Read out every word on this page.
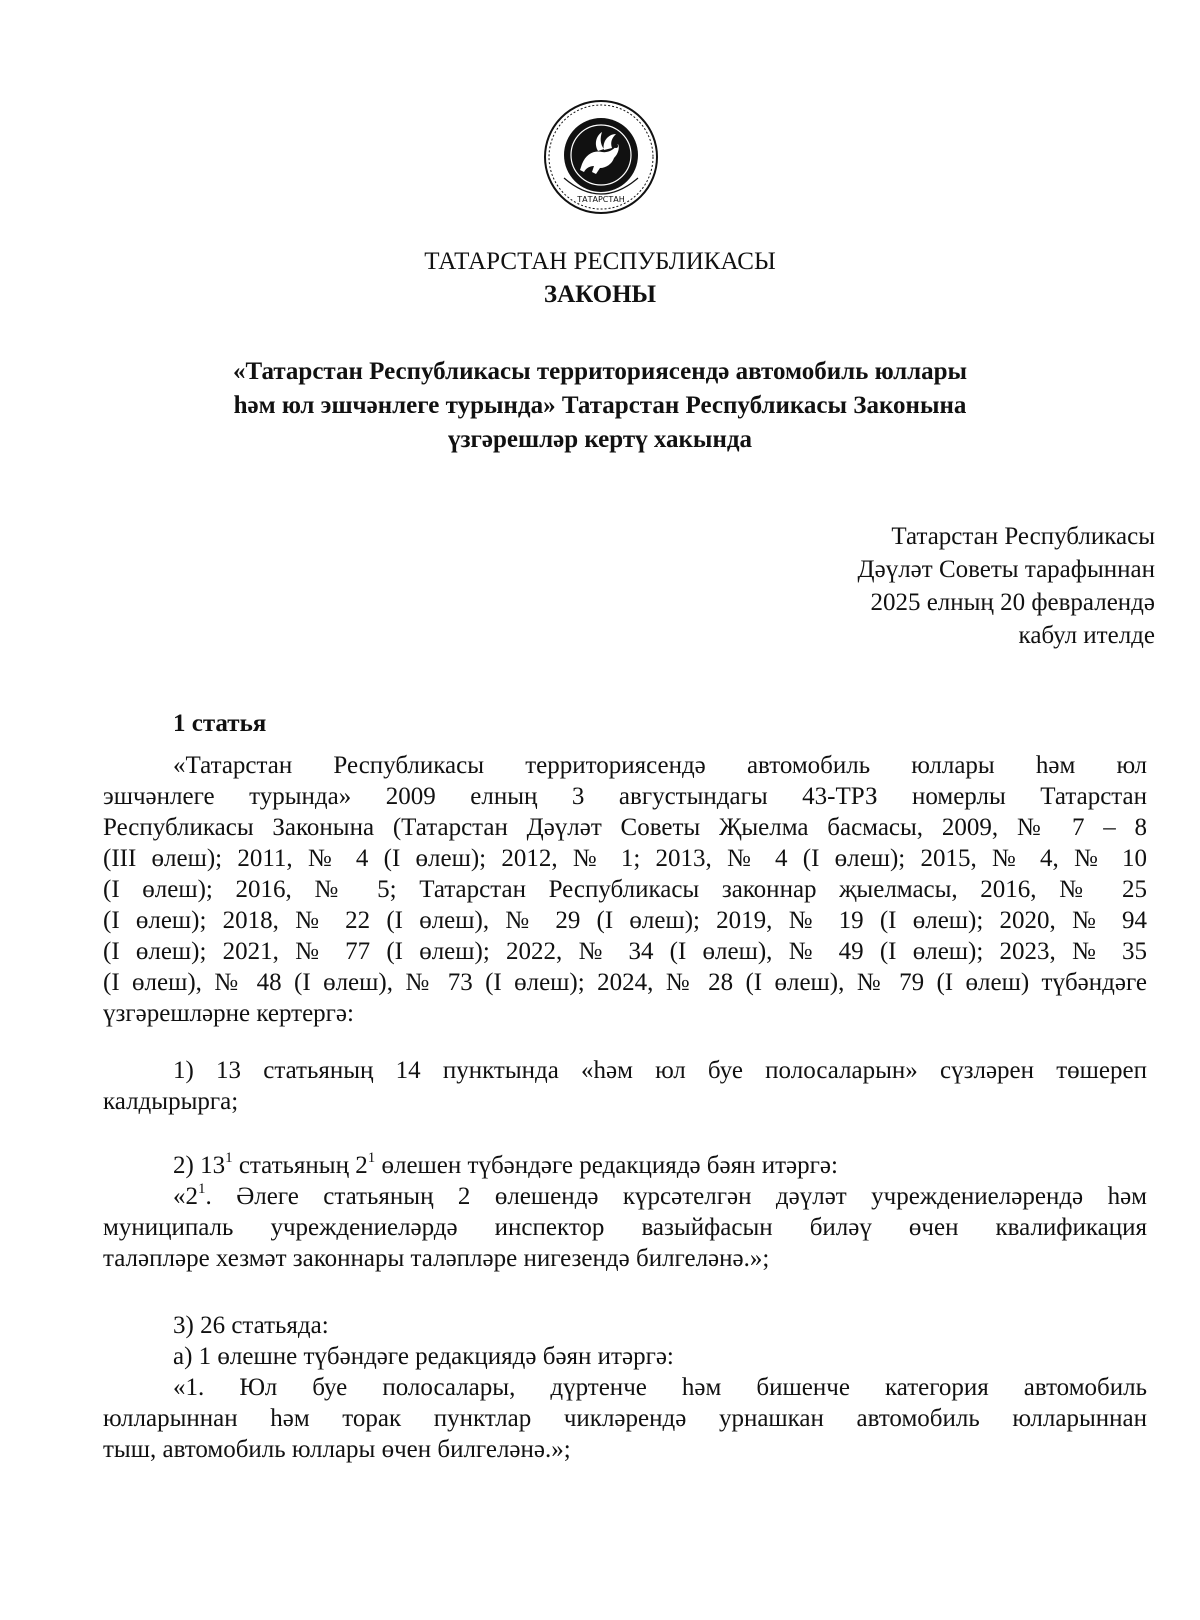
ТАТАРСТАН
ТАТАРСТАН РЕСПУБЛИКАСЫ
ЗАКОНЫ
«Татарстан Республикасы территориясендә автомобиль юллары
һәм юл эшчәнлеге турында» Татарстан Республикасы Законына
үзгәрешләр кертү хакында
Татарстан Республикасы
Дәүләт Советы тарафыннан
2025 елның 20 февралендә
кабул ителде
1 статья
«Татарстан Республикасы территориясендә автомобиль юллары һәм юл
эшчәнлеге турында» 2009 елның 3 августындагы 43-ТРЗ номерлы Татарстан
Республикасы Законына (Татарстан Дәүләт Советы Җыелма басмасы, 2009, № 7 – 8
(III өлеш); 2011, № 4 (I өлеш); 2012, № 1; 2013, № 4 (I өлеш); 2015, № 4, № 10
(I өлеш); 2016, № 5; Татарстан Республикасы законнар җыелмасы, 2016, № 25
(I өлеш); 2018, № 22 (I өлеш), № 29 (I өлеш); 2019, № 19 (I өлеш); 2020, № 94
(I өлеш); 2021, № 77 (I өлеш); 2022, № 34 (I өлеш), № 49 (I өлеш); 2023, № 35
(I өлеш), № 48 (I өлеш), № 73 (I өлеш); 2024, № 28 (I өлеш), № 79 (I өлеш) түбәндәге
үзгәрешләрне кертергә:
1) 13 статьяның 14 пунктында «һәм юл буе полосаларын» сүзләрен төшереп
калдырырга;
2) $13^1$ статьяның $2^1$ өлешен түбәндәге редакциядә бәян итәргә:
«$2^1$. Әлеге статьяның 2 өлешендә күрсәтелгән дәүләт учреждениеләрендә һәм
муниципаль учреждениеләрдә инспектор вазыйфасын биләү өчен квалификация
таләпләре хезмәт законнары таләпләре нигезендә билгеләнә.»;
3) 26 статьяда:
а) 1 өлешне түбәндәге редакциядә бәян итәргә:
«1. Юл буе полосалары, дүртенче һәм бишенче категория автомобиль
юлларыннан һәм торак пунктлар чикләрендә урнашкан автомобиль юлларыннан
тыш, автомобиль юллары өчен билгеләнә.»;
